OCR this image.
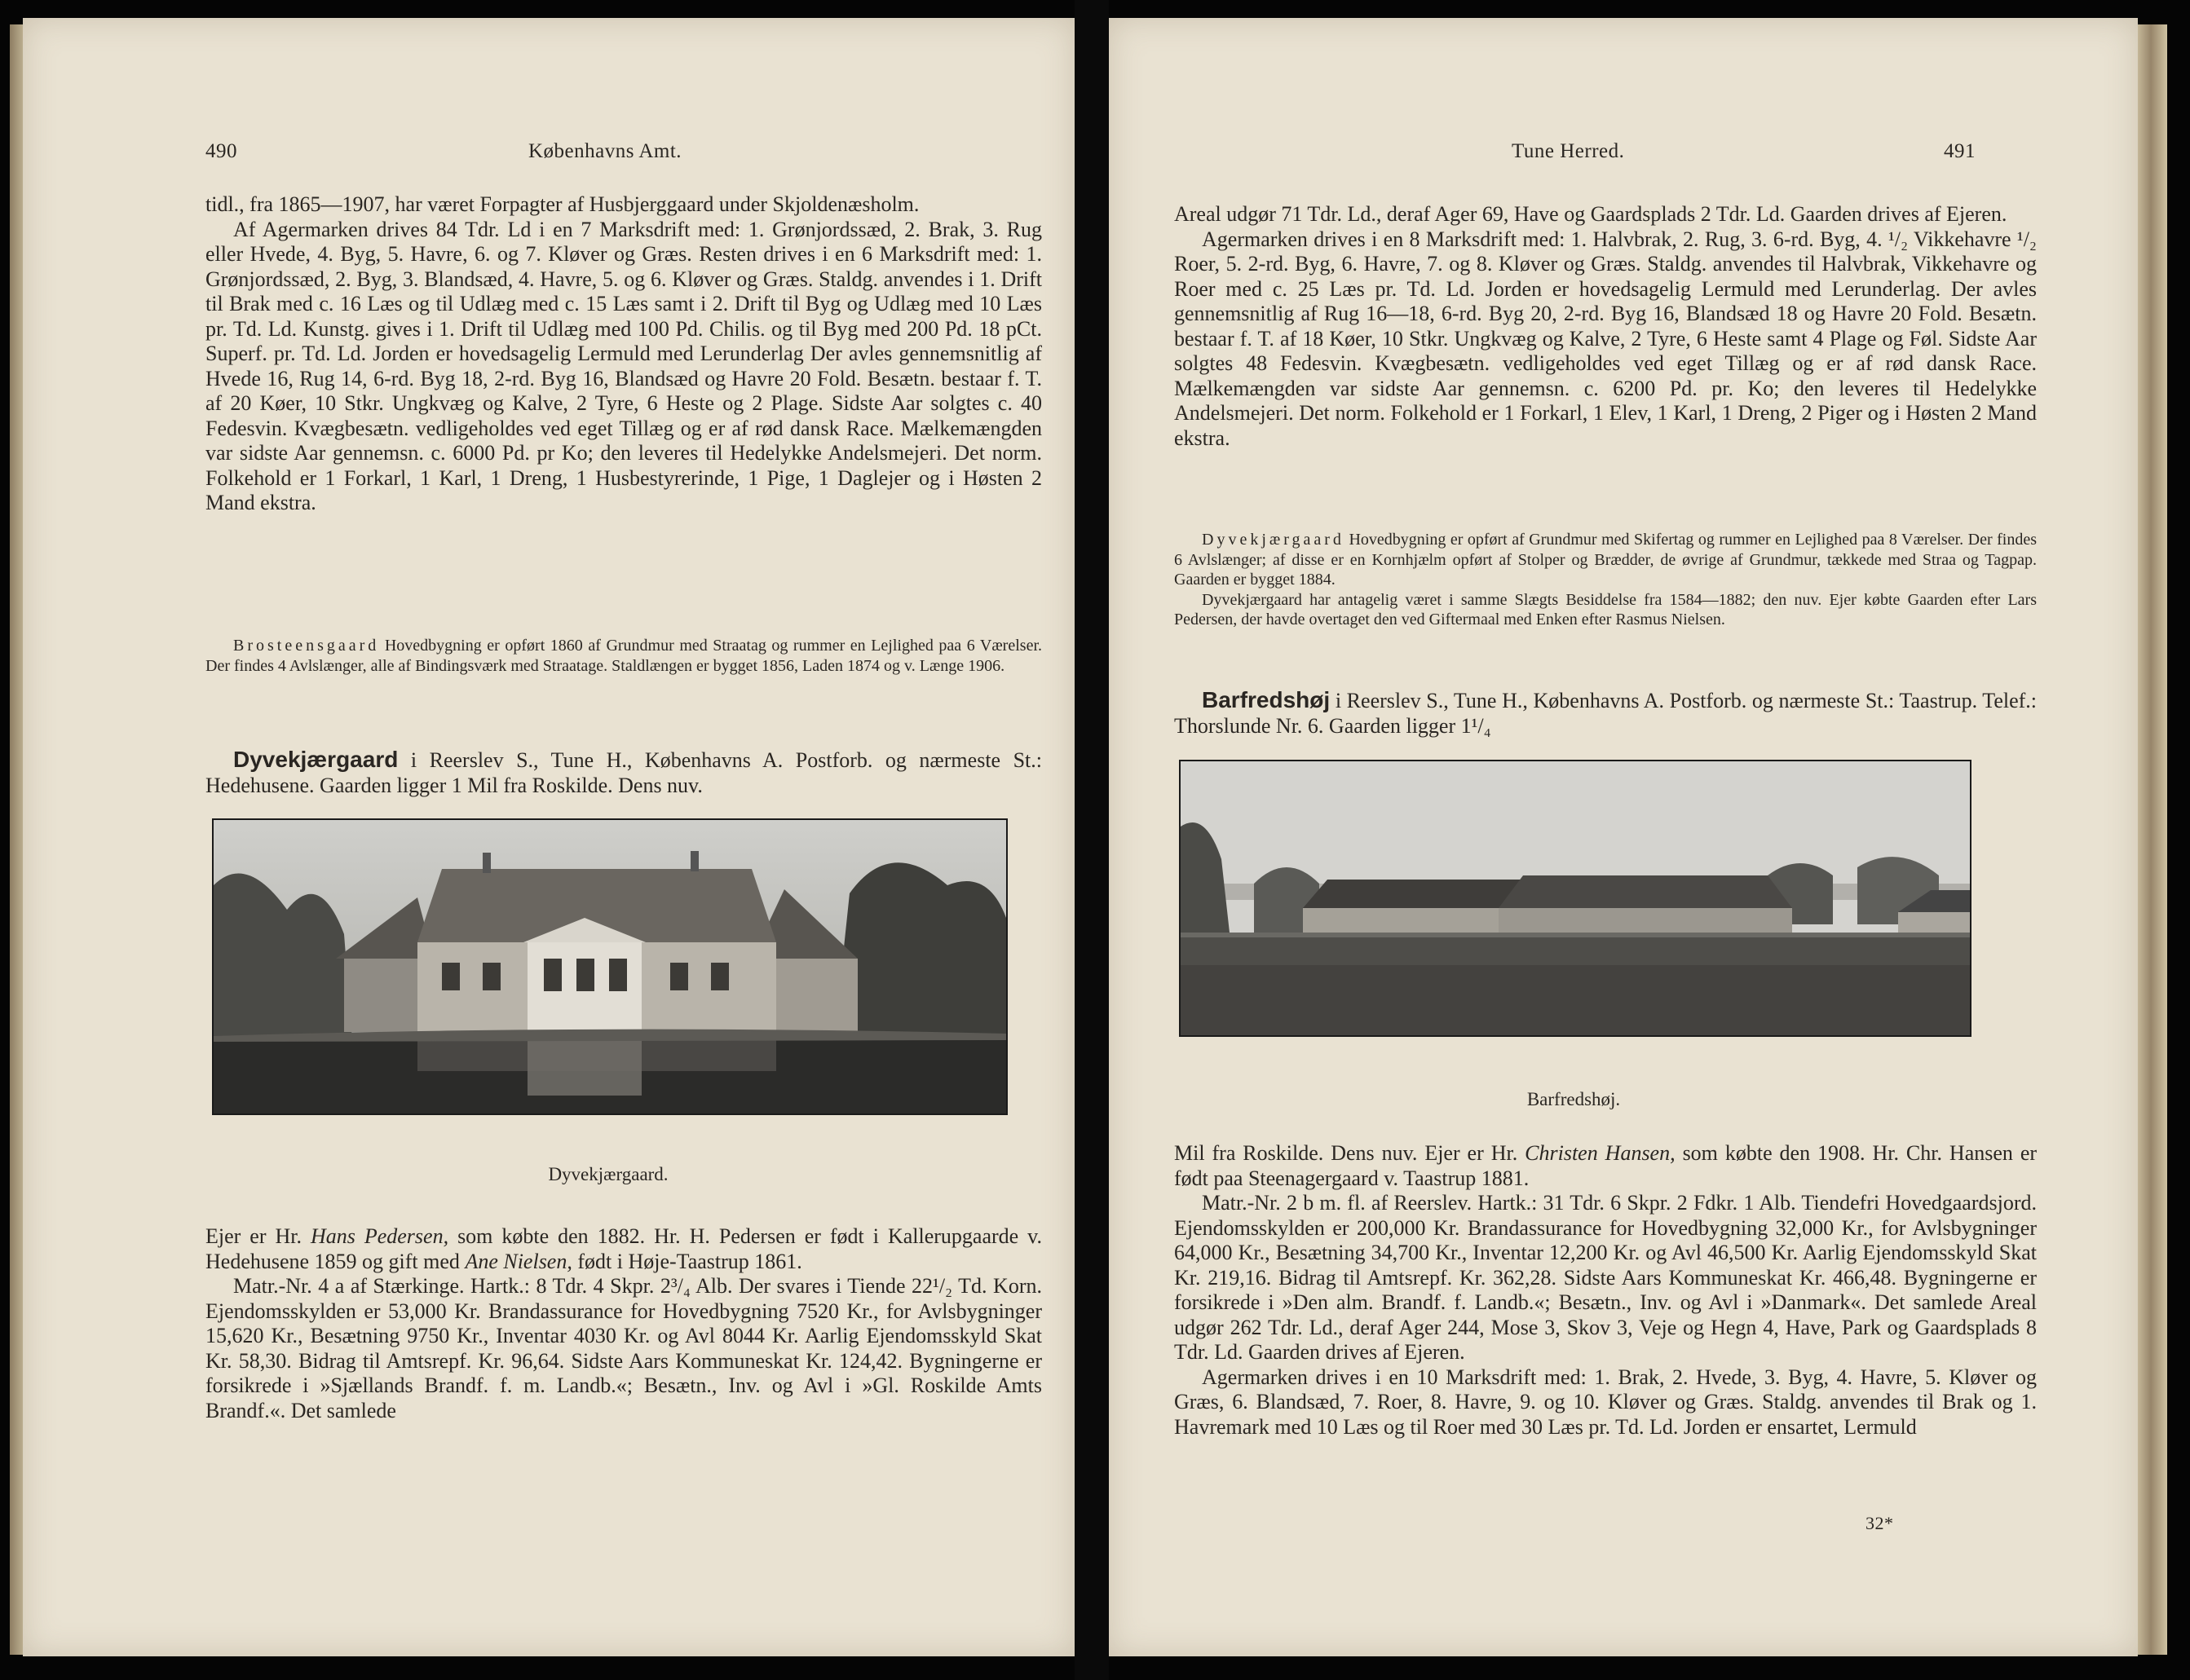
490	Københavns Amt.

tidl., fra 1865—1907, har været Forpagter af Husbjerggaard under Skjoldenæsholm.

Af Agermarken drives 84 Tdr. Ld i en 7 Marksdrift med: 1. Grønjordssæd, 2. Brak, 3. Rug eller Hvede, 4. Byg, 5. Havre, 6. og 7. Kløver og Græs. Resten drives i en 6 Marksdrift med: 1. Grønjordssæd, 2. Byg, 3. Blandsæd, 4. Havre, 5. og 6. Kløver og Græs. Staldg. anvendes i 1. Drift til Brak med c. 16 Læs og til Udlæg med c. 15 Læs samt i 2. Drift til Byg og Udlæg med 10 Læs pr. Td. Ld. Kunstg. gives i 1. Drift til Udlæg med 100 Pd. Chilis. og til Byg med 200 Pd. 18 pCt. Superf. pr. Td. Ld. Jorden er hovedsagelig Lermuld med Lerunderlag Der avles gennemsnitlig af Hvede 16, Rug 14, 6-rd. Byg 18, 2-rd. Byg 16, Blandsæd og Havre 20 Fold. Besætn. bestaar f. T. af 20 Køer, 10 Stkr. Ungkvæg og Kalve, 2 Tyre, 6 Heste og 2 Plage. Sidste Aar solgtes c. 40 Fedesvin. Kvægbesætn. vedligeholdes ved eget Tillæg og er af rød dansk Race. Mælkemængden var sidste Aar gennemsn. c. 6000 Pd. pr Ko; den leveres til Hedelykke Andelsmejeri. Det norm. Folkehold er 1 Forkarl, 1 Karl, 1 Dreng, 1 Husbestyrerinde, 1 Pige, 1 Daglejer og i Høsten 2 Mand ekstra.

Brosteensgaard Hovedbygning er opført 1860 af Grundmur med Straatag og rummer en Lejlighed paa 6 Værelser. Der findes 4 Avlslænger, alle af Bindingsværk med Straatage. Staldlængen er bygget 1856, Laden 1874 og v. Længe 1906.

Dyvekjærgaard i Reerslev S., Tune H., Københavns A. Postforb. og nærmeste St.: Hedehusene. Gaarden ligger 1 Mil fra Roskilde. Dens nuv.

Dyvekjærgaard.

Ejer er Hr. Hans Pedersen, som købte den 1882. Hr. H. Pedersen er født i Kallerupgaarde v. Hedehusene 1859 og gift med Ane Nielsen, født i Høje-Taastrup 1861.

Matr.-Nr. 4 a af Stærkinge. Hartk.: 8 Tdr. 4 Skpr. 2³/₄ Alb. Der svares i Tiende 22¹/₂ Td. Korn. Ejendomsskylden er 53,000 Kr. Brandassurance for Hovedbygning 7520 Kr., for Avlsbygninger 15,620 Kr., Besætning 9750 Kr., Inventar 4030 Kr. og Avl 8044 Kr. Aarlig Ejendomsskyld Skat Kr. 58,30. Bidrag til Amtsrepf. Kr. 96,64. Sidste Aars Kommuneskat Kr. 124,42. Bygningerne er forsikrede i »Sjællands Brandf. f. m. Landb.«; Besætn., Inv. og Avl i »Gl. Roskilde Amts Brandf.«. Det samlede

Tune Herred.	491

Areal udgør 71 Tdr. Ld., deraf Ager 69, Have og Gaardsplads 2 Tdr. Ld. Gaarden drives af Ejeren.

Agermarken drives i en 8 Marksdrift med: 1. Halvbrak, 2. Rug, 3. 6-rd. Byg, 4. ¹/₂ Vikkehavre ¹/₂ Roer, 5. 2-rd. Byg, 6. Havre, 7. og 8. Kløver og Græs. Staldg. anvendes til Halvbrak, Vikkehavre og Roer med c. 25 Læs pr. Td. Ld. Jorden er hovedsagelig Lermuld med Lerunderlag. Der avles gennemsnitlig af Rug 16—18, 6-rd. Byg 20, 2-rd. Byg 16, Blandsæd 18 og Havre 20 Fold. Besætn. bestaar f. T. af 18 Køer, 10 Stkr. Ungkvæg og Kalve, 2 Tyre, 6 Heste samt 4 Plage og Føl. Sidste Aar solgtes 48 Fedesvin. Kvægbesætn. vedligeholdes ved eget Tillæg og er af rød dansk Race. Mælkemængden var sidste Aar gennemsn. c. 6200 Pd. pr. Ko; den leveres til Hedelykke Andelsmejeri. Det norm. Folkehold er 1 Forkarl, 1 Elev, 1 Karl, 1 Dreng, 2 Piger og i Høsten 2 Mand ekstra.

Dyvekjærgaard Hovedbygning er opført af Grundmur med Skifertag og rummer en Lejlighed paa 8 Værelser. Der findes 6 Avlslænger; af disse er en Kornhjælm opført af Stolper og Brædder, de øvrige af Grundmur, tækkede med Straa og Tagpap. Gaarden er bygget 1884.

Dyvekjærgaard har antagelig været i samme Slægts Besiddelse fra 1584—1882; den nuv. Ejer købte Gaarden efter Lars Pedersen, der havde overtaget den ved Giftermaal med Enken efter Rasmus Nielsen.

Barfredshøj i Reerslev S., Tune H., Københavns A. Postforb. og nærmeste St.: Taastrup. Telef.: Thorslunde Nr. 6. Gaarden ligger 1¹/₄

Barfredshøj.

Mil fra Roskilde. Dens nuv. Ejer er Hr. Christen Hansen, som købte den 1908. Hr. Chr. Hansen er født paa Steenagergaard v. Taastrup 1881.

Matr.-Nr. 2 b m. fl. af Reerslev. Hartk.: 31 Tdr. 6 Skpr. 2 Fdkr. 1 Alb. Tiendefri Hovedgaardsjord. Ejendomsskylden er 200,000 Kr. Brandassurance for Hovedbygning 32,000 Kr., for Avlsbygninger 64,000 Kr., Besætning 34,700 Kr., Inventar 12,200 Kr. og Avl 46,500 Kr. Aarlig Ejendomsskyld Skat Kr. 219,16. Bidrag til Amtsrepf. Kr. 362,28. Sidste Aars Kommuneskat Kr. 466,48. Bygningerne er forsikrede i »Den alm. Brandf. f. Landb.«; Besætn., Inv. og Avl i »Danmark«. Det samlede Areal udgør 262 Tdr. Ld., deraf Ager 244, Mose 3, Skov 3, Veje og Hegn 4, Have, Park og Gaardsplads 8 Tdr. Ld. Gaarden drives af Ejeren.

Agermarken drives i en 10 Marksdrift med: 1. Brak, 2. Hvede, 3. Byg, 4. Havre, 5. Kløver og Græs, 6. Blandsæd, 7. Roer, 8. Havre, 9. og 10. Kløver og Græs. Staldg. anvendes til Brak og 1. Havremark med 10 Læs og til Roer med 30 Læs pr. Td. Ld. Jorden er ensartet, Lermuld

32*
